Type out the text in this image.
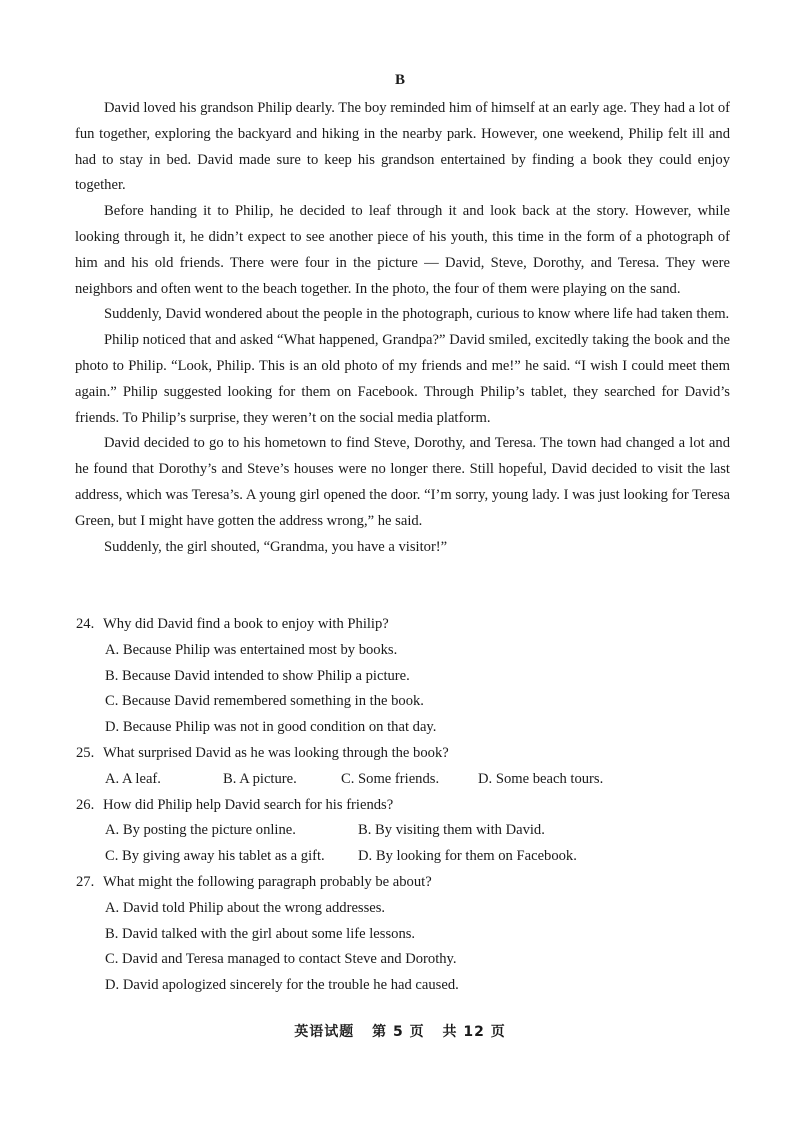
B

David loved his grandson Philip dearly. The boy reminded him of himself at an early age. They had a lot of fun together, exploring the backyard and hiking in the nearby park. However, one weekend, Philip felt ill and had to stay in bed. David made sure to keep his grandson entertained by finding a book they could enjoy together.

Before handing it to Philip, he decided to leaf through it and look back at the story. However, while looking through it, he didn’t expect to see another piece of his youth, this time in the form of a photograph of him and his old friends. There were four in the picture — David, Steve, Dorothy, and Teresa. They were neighbors and often went to the beach together. In the photo, the four of them were playing on the sand.

Suddenly, David wondered about the people in the photograph, curious to know where life had taken them.

Philip noticed that and asked “What happened, Grandpa?” David smiled, excitedly taking the book and the photo to Philip. “Look, Philip. This is an old photo of my friends and me!” he said. “I wish I could meet them again.” Philip suggested looking for them on Facebook. Through Philip’s tablet, they searched for David’s friends. To Philip’s surprise, they weren’t on the social media platform.

David decided to go to his hometown to find Steve, Dorothy, and Teresa. The town had changed a lot and he found that Dorothy’s and Steve’s houses were no longer there. Still hopeful, David decided to visit the last address, which was Teresa’s. A young girl opened the door. “I’m sorry, young lady. I was just looking for Teresa Green, but I might have gotten the address wrong,” he said.

Suddenly, the girl shouted, “Grandma, you have a visitor!”

24. Why did David find a book to enjoy with Philip?
A. Because Philip was entertained most by books.
B. Because David intended to show Philip a picture.
C. Because David remembered something in the book.
D. Because Philip was not in good condition on that day.
25. What surprised David as he was looking through the book?
A. A leaf.	B. A picture.	C. Some friends.	D. Some beach tours.
26. How did Philip help David search for his friends?
A. By posting the picture online.	B. By visiting them with David.
C. By giving away his tablet as a gift. D. By looking for them on Facebook.
27. What might the following paragraph probably be about?
A. David told Philip about the wrong addresses.
B. David talked with the girl about some life lessons.
C. David and Teresa managed to contact Steve and Dorothy.
D. David apologized sincerely for the trouble he had caused.
英语试题 第 5 页 共 12 页
